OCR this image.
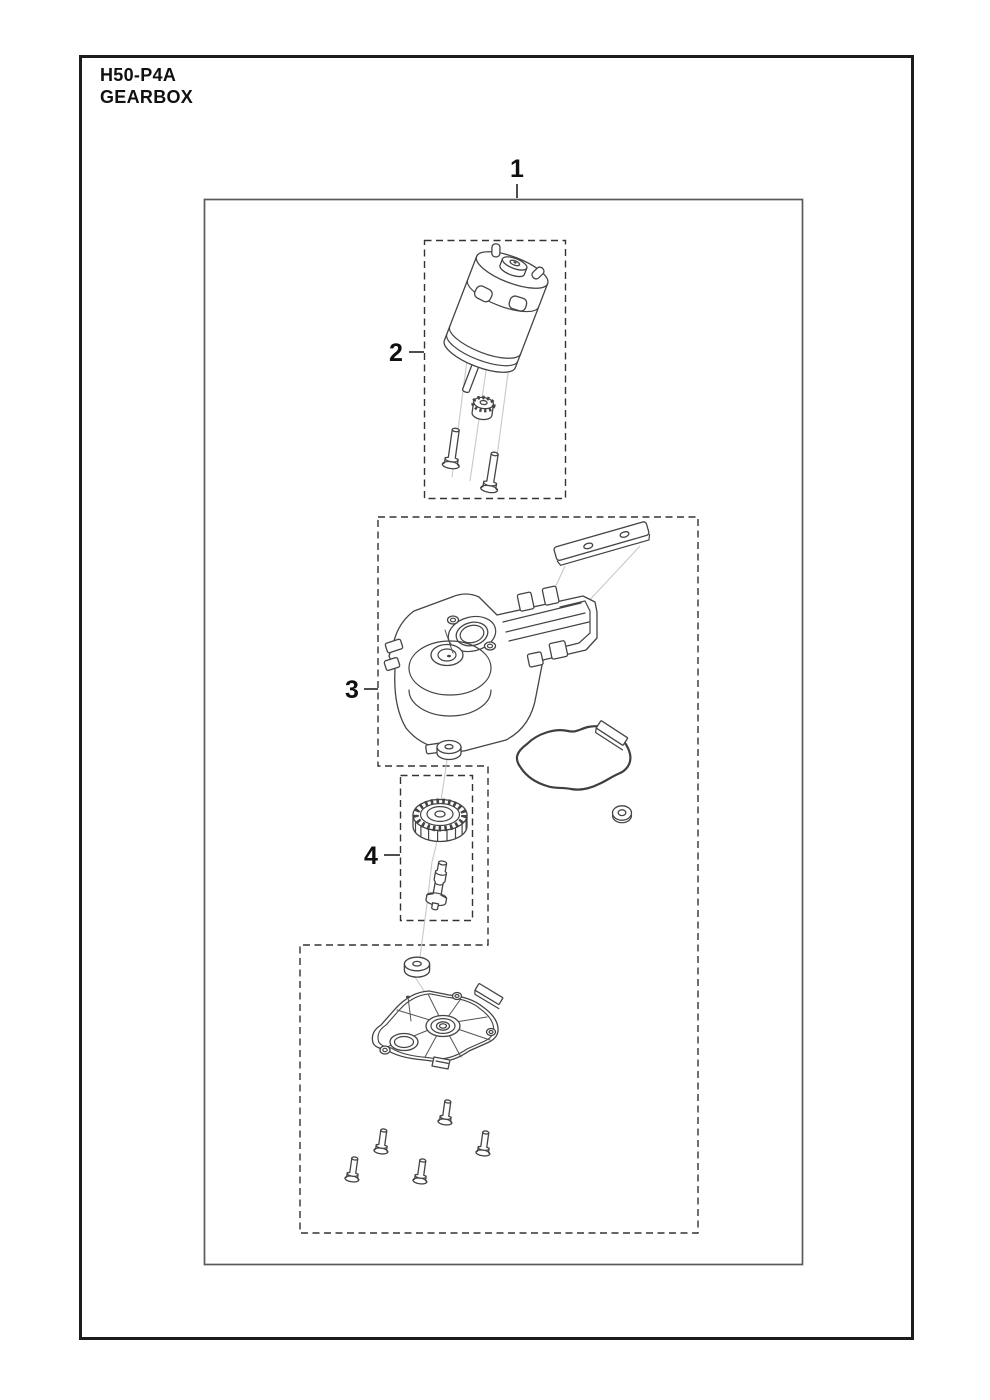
H50-P4A
GEARBOX
1
2
3
4
